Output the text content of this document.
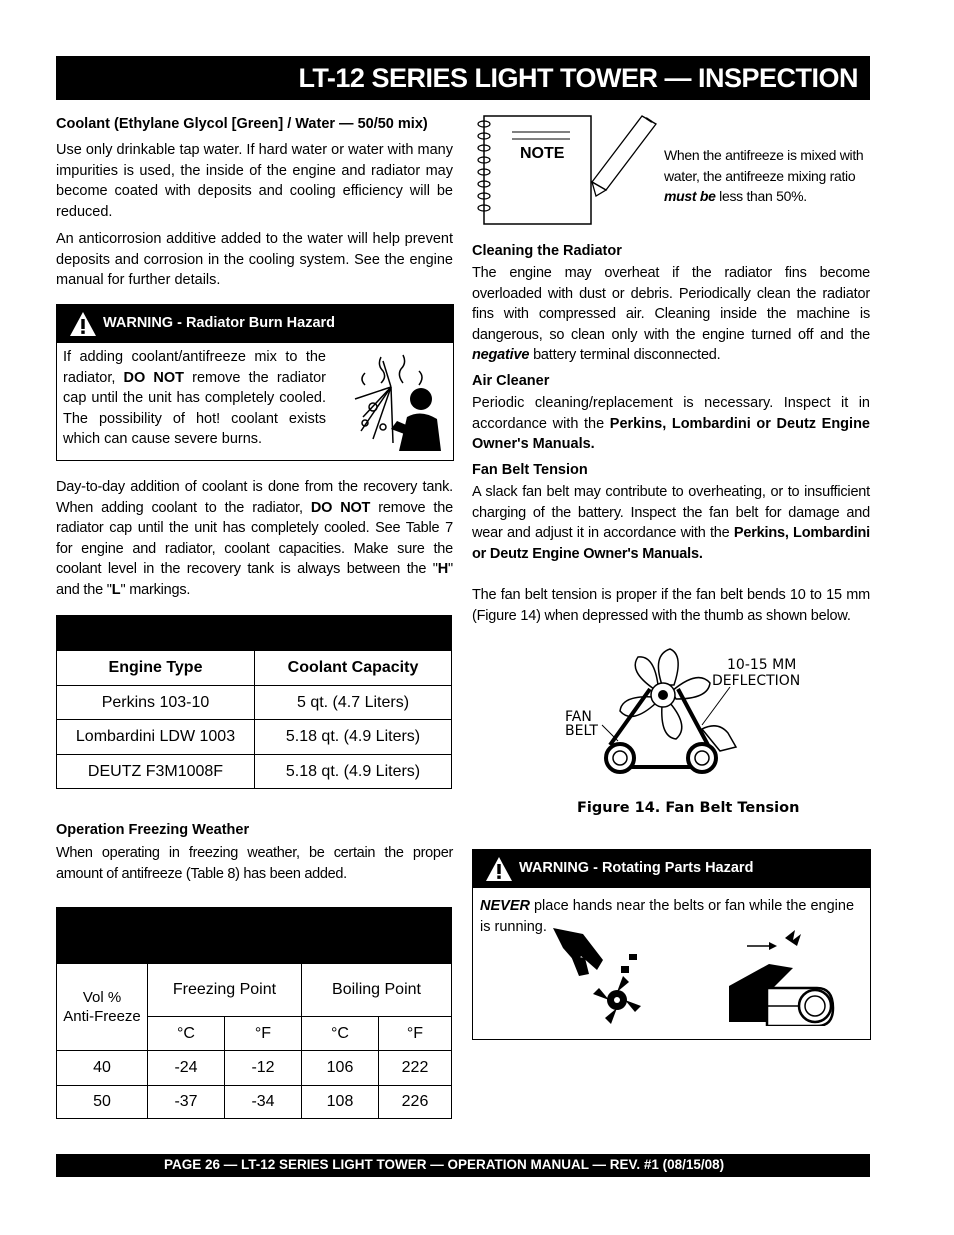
LT-12 SERIES LIGHT TOWER — INSPECTION
Coolant (Ethylane Glycol [Green] / Water — 50/50 mix)
Use only drinkable tap water. If hard water or water with many impurities is used, the inside of the engine and radiator may become coated with deposits and cooling efficiency will be reduced.
An anticorrosion additive added to the water will help prevent deposits and corrosion in the cooling system. See the engine manual for further details.
WARNING - Radiator Burn Hazard
If adding coolant/antifreeze mix to the radiator, DO NOT remove the radiator cap until the unit has completely cooled. The possibility of hot! coolant exists which can cause severe burns.
Day-to-day addition of coolant is done from the recovery tank. When adding coolant to the radiator, DO NOT remove the radiator cap until the unit has completely cooled. See Table 7 for engine and radiator, coolant capacities. Make sure the coolant level in the recovery tank is always between the "H" and the "L" markings.
Engine Type	Coolant Capacity
Perkins 103-10	5 qt. (4.7 Liters)
Lombardini LDW 1003	5.18 qt. (4.9 Liters)
DEUTZ F3M1008F	5.18 qt. (4.9 Liters)
Operation Freezing Weather
When operating in freezing weather, be certain the proper amount of antifreeze (Table 8) has been added.
Vol %
Anti-Freeze	Freezing Point		Boiling Point	
	°C	°F	°C	°F
40	-24	-12	106	222
50	-37	-34	108	226
NOTE	When the antifreeze is mixed with water, the antifreeze mixing ratio must be less than 50%.
Cleaning the Radiator
The engine may overheat if the radiator fins become overloaded with dust or debris. Periodically clean the radiator fins with compressed air. Cleaning inside the machine is dangerous, so clean only with the engine turned off and the negative battery terminal disconnected.
Air Cleaner
Periodic cleaning/replacement is necessary. Inspect it in accordance with the Perkins, Lombardini or Deutz Engine Owner's Manuals.
Fan Belt Tension
A slack fan belt may contribute to overheating, or to insufficient charging of the battery. Inspect the fan belt for damage and wear and adjust it in accordance with the Perkins, Lombardini or Deutz Engine Owner's Manuals.
The fan belt tension is proper if the fan belt bends 10 to 15 mm (Figure 14) when depressed with the thumb as shown below.
10-15 MM
DEFLECTION
FAN
BELT
Figure 14. Fan Belt Tension
WARNING - Rotating Parts Hazard
NEVER place hands near the belts or fan while the engine is running.
PAGE 26 — LT-12 SERIES LIGHT TOWER — OPERATION MANUAL — REV. #1 (08/15/08)
